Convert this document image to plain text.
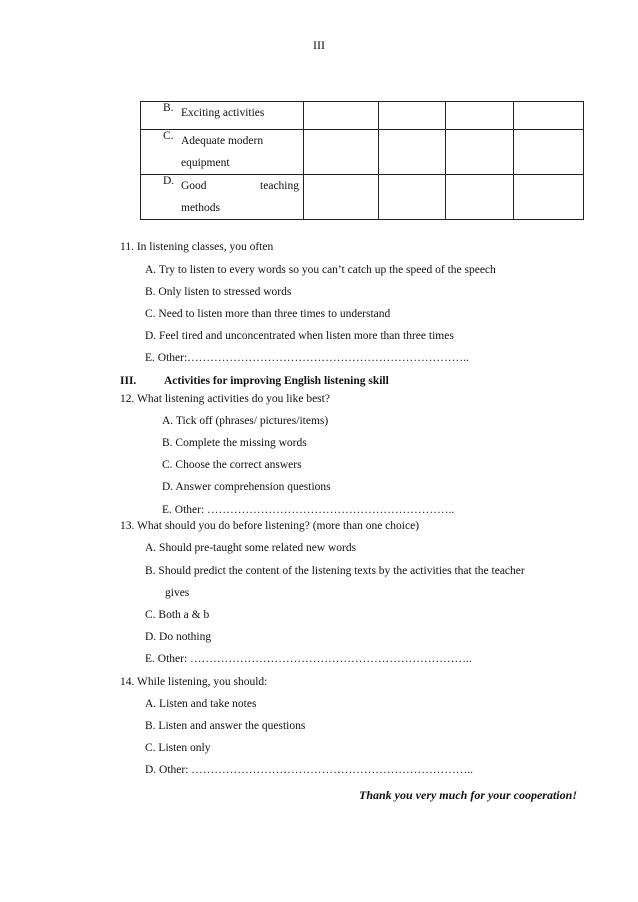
III
B. Exciting activities				

C. Adequate modern
equipment				

D. Good teaching
methods				

11. In listening classes, you often
A. Try to listen to every words so you can’t catch up the speed of the speech
B. Only listen to stressed words
C. Need to listen more than three times to understand
D. Feel tired and unconcentrated when listen more than three times
E. Other:………………………………………………………………..
III. Activities for improving English listening skill
12. What listening activities do you like best?
A. Tick off (phrases/ pictures/items)
B. Complete the missing words
C. Choose the correct answers
D. Answer comprehension questions
E. Other: ………………………………………………………..
13. What should you do before listening? (more than one choice)
A. Should pre-taught some related new words
B. Should predict the content of the listening texts by the activities that the teacher
gives
C. Both a & b
D. Do nothing
E. Other: ………………………………………………………………..
14. While listening, you should:
A. Listen and take notes
B. Listen and answer the questions
C. Listen only
D. Other: ………………………………………………………………..
Thank you very much for your cooperation!
